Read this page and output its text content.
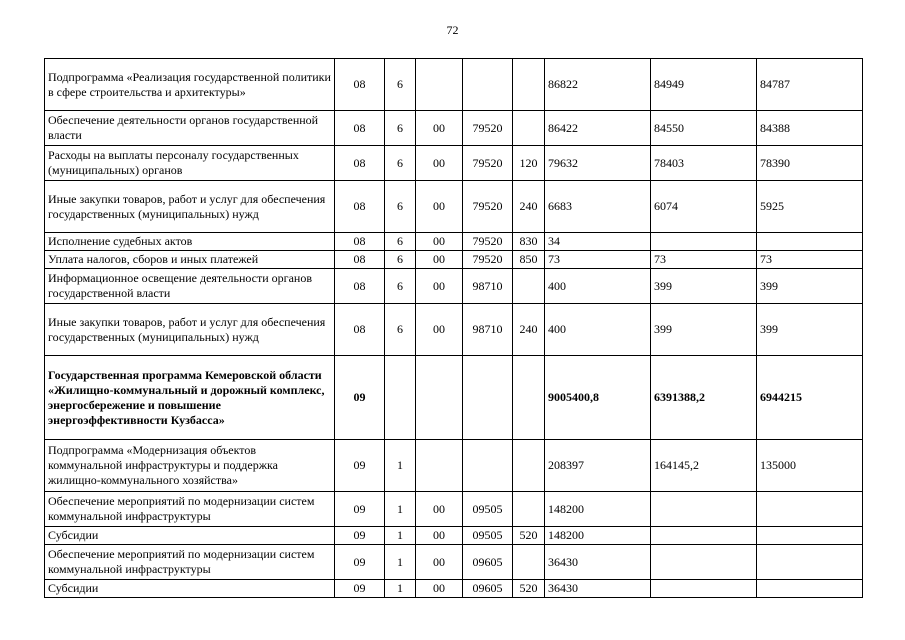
72
Подпрограмма «Реализация государственной политики в сфере строительства и архитектуры»	08	6				86822	84949	84787
Обеспечение деятельности органов государственной власти	08	6	00	79520		86422	84550	84388
Расходы на выплаты персоналу государственных (муниципальных) органов	08	6	00	79520	120	79632	78403	78390
Иные закупки товаров, работ и услуг для обеспечения государственных (муниципальных) нужд	08	6	00	79520	240	6683	6074	5925
Исполнение судебных актов	08	6	00	79520	830	34		
Уплата налогов, сборов и иных платежей	08	6	00	79520	850	73	73	73
Информационное освещение деятельности органов государственной власти	08	6	00	98710		400	399	399
Иные закупки товаров, работ и услуг для обеспечения государственных (муниципальных) нужд	08	6	00	98710	240	400	399	399
Государственная программа Кемеровской области «Жилищно-коммунальный и дорожный комплекс, энергосбережение и повышение энергоэффективности Кузбасса»	09					9005400,8	6391388,2	6944215
Подпрограмма «Модернизация объектов коммунальной инфраструктуры и поддержка жилищно-коммунального хозяйства»	09	1				208397	164145,2	135000
Обеспечение мероприятий по модернизации систем коммунальной инфраструктуры	09	1	00	09505		148200		
Субсидии	09	1	00	09505	520	148200		
Обеспечение мероприятий по модернизации систем коммунальной инфраструктуры	09	1	00	09605		36430		
Субсидии	09	1	00	09605	520	36430		
